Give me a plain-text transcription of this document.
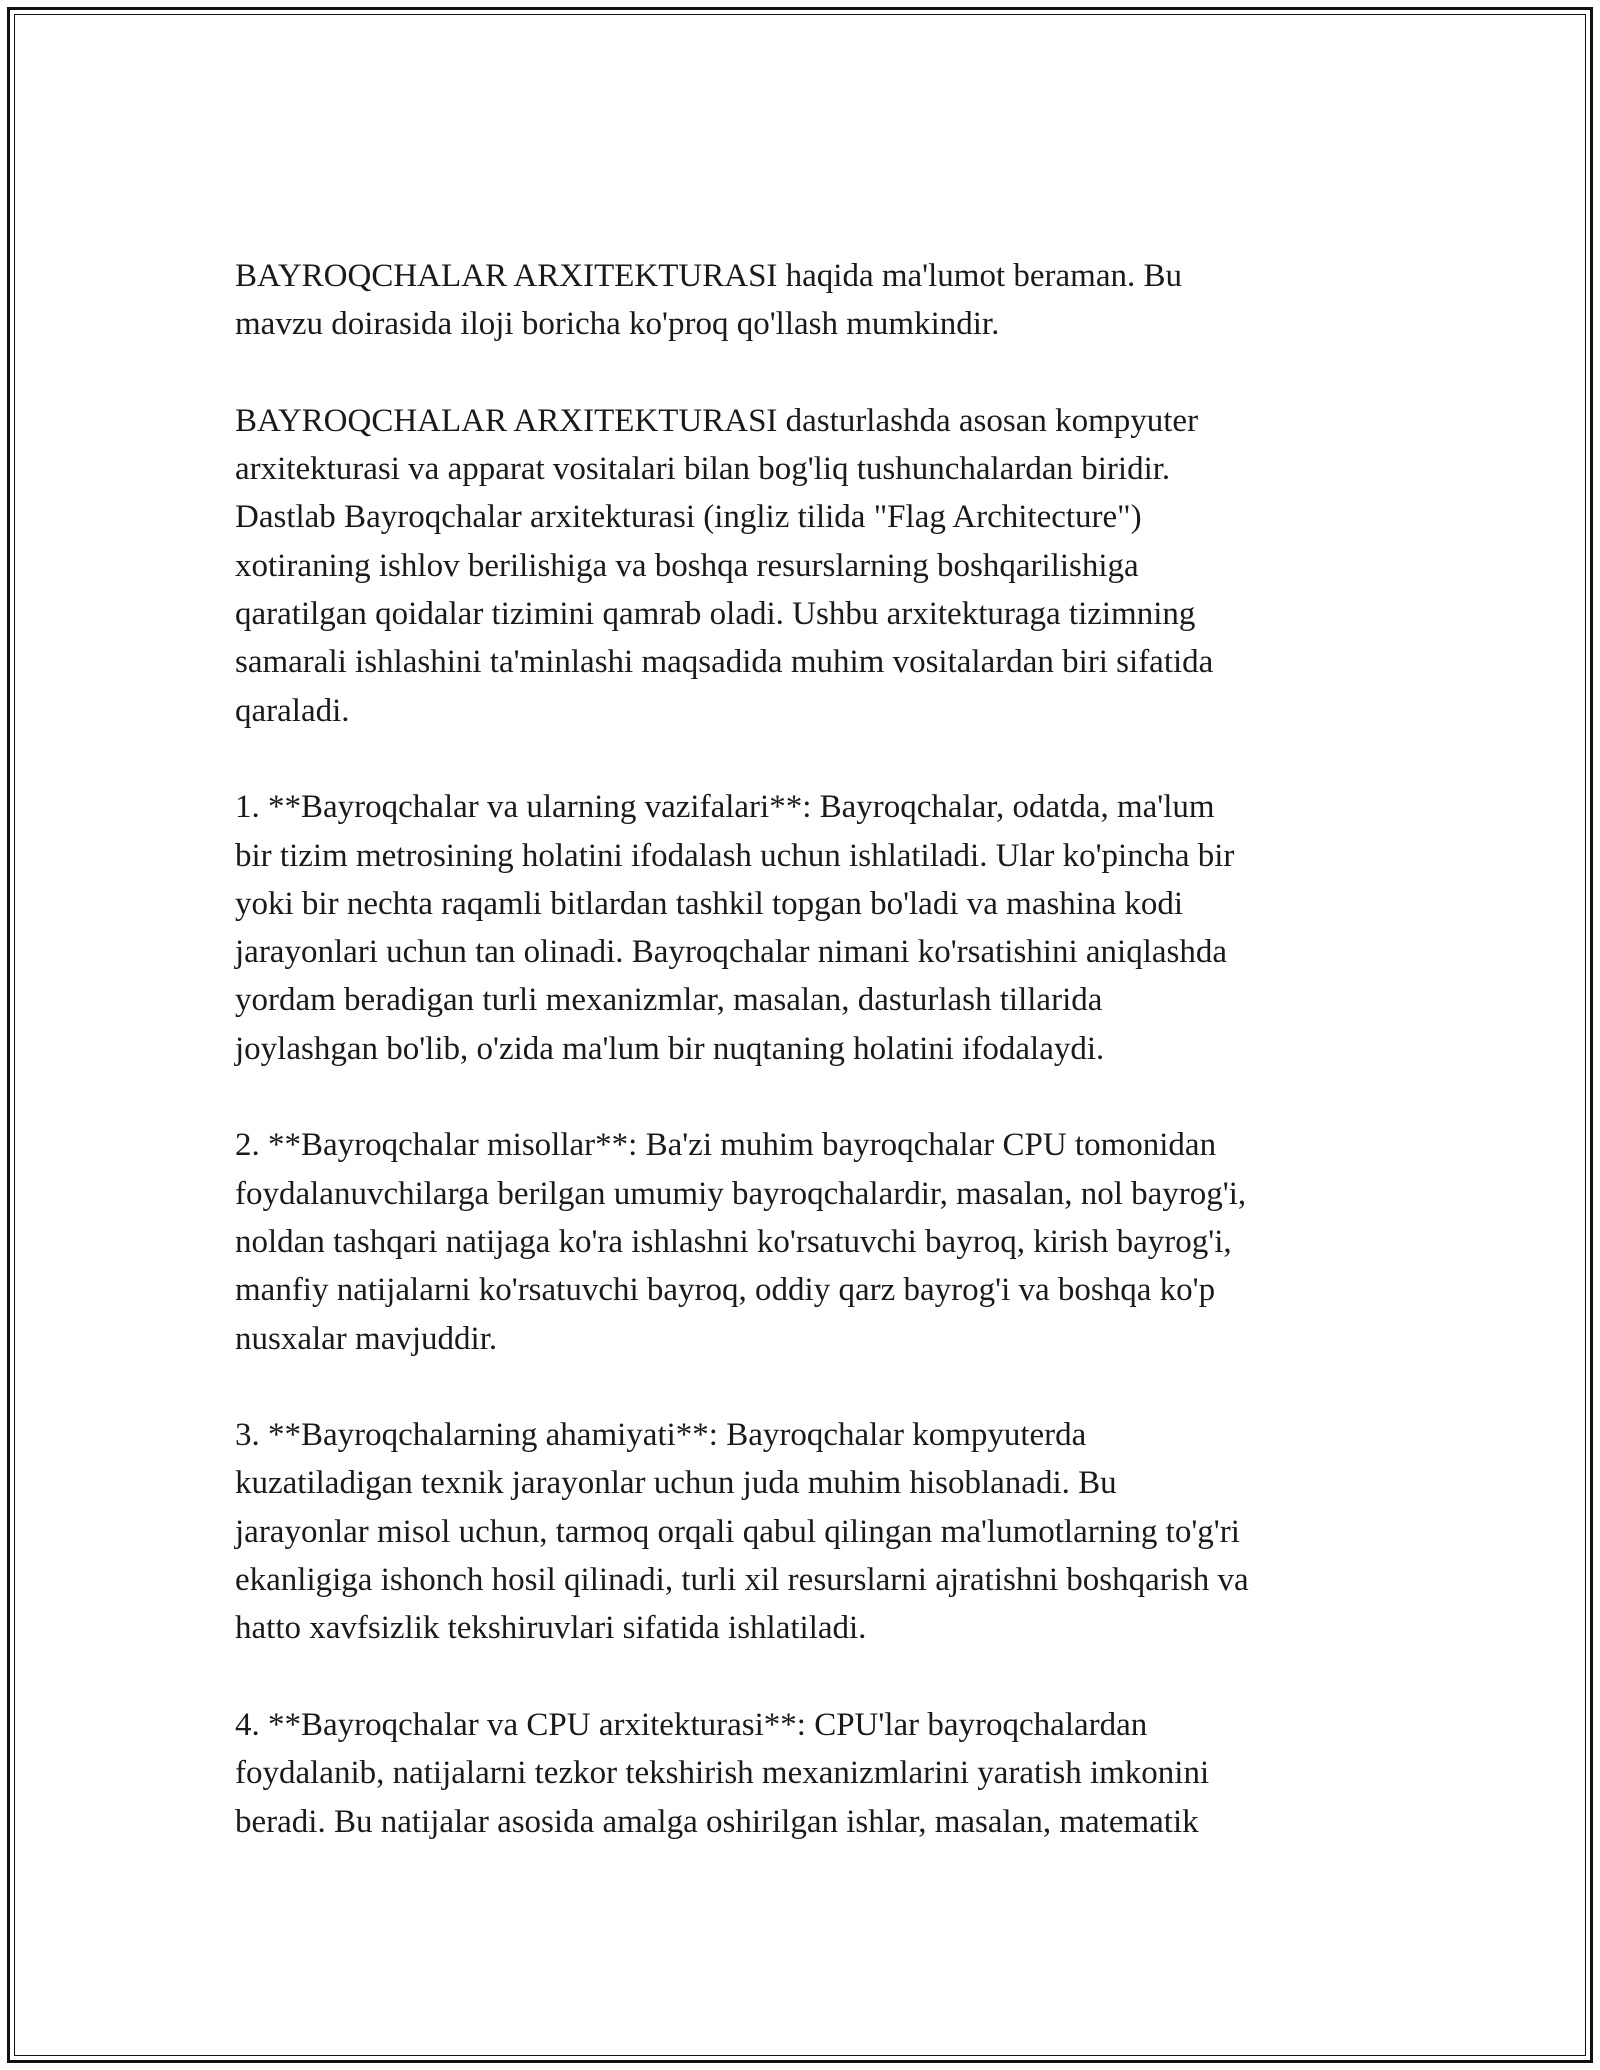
BAYROQCHALAR ARXITEKTURASI haqida ma'lumot beraman. Bu
mavzu doirasida iloji boricha ko'proq qo'llash mumkindir.

BAYROQCHALAR ARXITEKTURASI dasturlashda asosan kompyuter
arxitekturasi va apparat vositalari bilan bog'liq tushunchalardan biridir.
Dastlab Bayroqchalar arxitekturasi (ingliz tilida "Flag Architecture")
xotiraning ishlov berilishiga va boshqa resurslarning boshqarilishiga
qaratilgan qoidalar tizimini qamrab oladi. Ushbu arxitekturaga tizimning
samarali ishlashini ta'minlashi maqsadida muhim vositalardan biri sifatida
qaraladi.

1. **Bayroqchalar va ularning vazifalari**: Bayroqchalar, odatda, ma'lum
bir tizim metrosining holatini ifodalash uchun ishlatiladi. Ular ko'pincha bir
yoki bir nechta raqamli bitlardan tashkil topgan bo'ladi va mashina kodi
jarayonlari uchun tan olinadi. Bayroqchalar nimani ko'rsatishini aniqlashda
yordam beradigan turli mexanizmlar, masalan, dasturlash tillarida
joylashgan bo'lib, o'zida ma'lum bir nuqtaning holatini ifodalaydi.

2. **Bayroqchalar misollar**: Ba'zi muhim bayroqchalar CPU tomonidan
foydalanuvchilarga berilgan umumiy bayroqchalardir, masalan, nol bayrog'i,
noldan tashqari natijaga ko'ra ishlashni ko'rsatuvchi bayroq, kirish bayrog'i,
manfiy natijalarni ko'rsatuvchi bayroq, oddiy qarz bayrog'i va boshqa ko'p
nusxalar mavjuddir.

3. **Bayroqchalarning ahamiyati**: Bayroqchalar kompyuterda
kuzatiladigan texnik jarayonlar uchun juda muhim hisoblanadi. Bu
jarayonlar misol uchun, tarmoq orqali qabul qilingan ma'lumotlarning to'g'ri
ekanligiga ishonch hosil qilinadi, turli xil resurslarni ajratishni boshqarish va
hatto xavfsizlik tekshiruvlari sifatida ishlatiladi.

4. **Bayroqchalar va CPU arxitekturasi**: CPU'lar bayroqchalardan
foydalanib, natijalarni tezkor tekshirish mexanizmlarini yaratish imkonini
beradi. Bu natijalar asosida amalga oshirilgan ishlar, masalan, matematik
